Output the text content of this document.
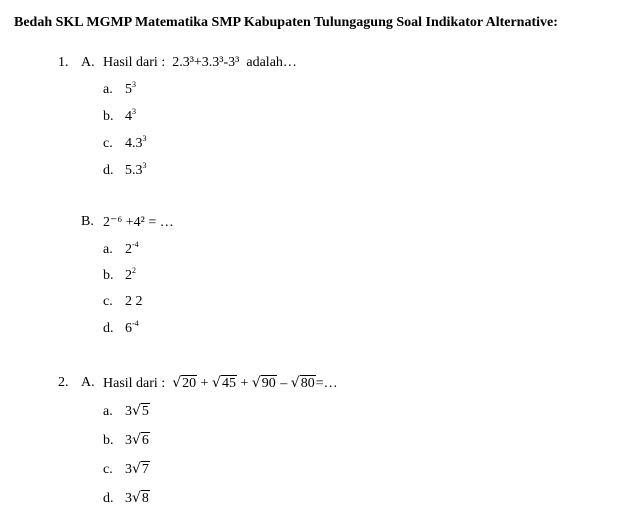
Bedah SKL MGMP Matematika SMP Kabupaten Tulungagung Soal Indikator Alternative:
1. A. Hasil dari : 2.3³+3.3³-3³ adalah…
a. $5^3$
b. $4^3$
c. $4.3^3$
d. $5.3^3$
B. 2⁻⁶ +4² = …
a. $2^{-4}$
b. $2^2$
c. 2 2
d. $6^{-4}$
2. A. Hasil dari : √20 + √45 + √90 – √80=…
a. 3√5
b. 3√6
c. 3√7
d. 3√8
